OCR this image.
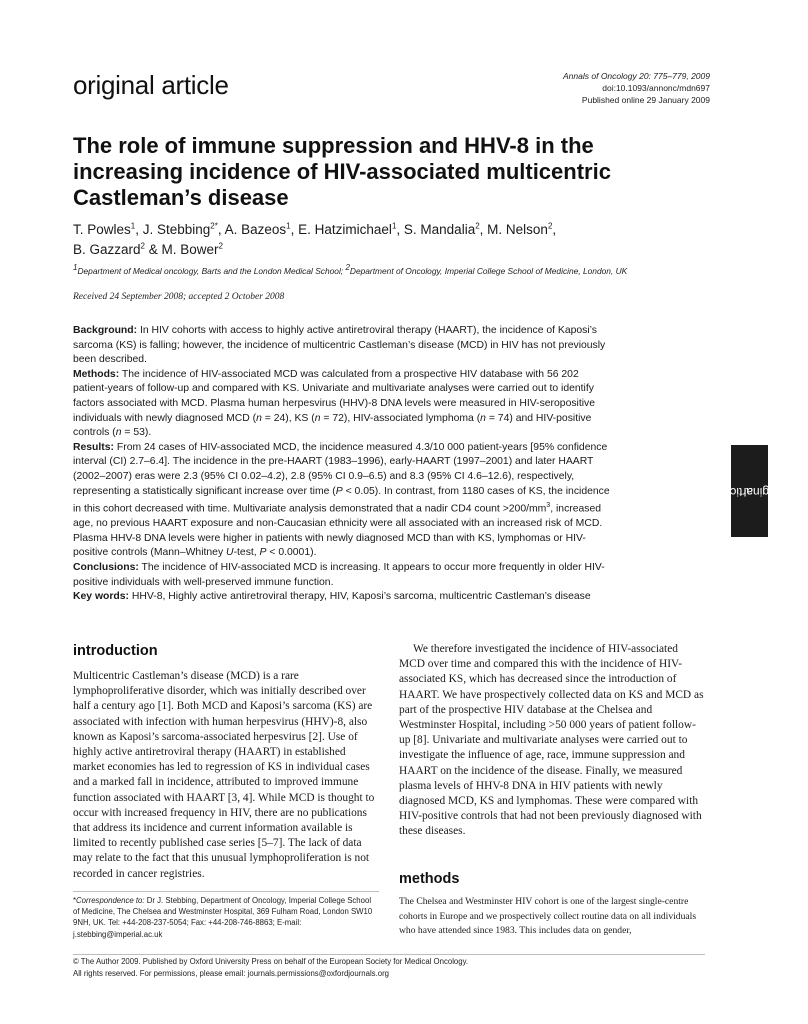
original article	Annals of Oncology 20: 775–779, 2009
doi:10.1093/annonc/mdn697
Published online 29 January 2009
The role of immune suppression and HHV-8 in the increasing incidence of HIV-associated multicentric Castleman’s disease
T. Powles$^1$, J. Stebbing$^{2*}$, A. Bazeos$^1$, E. Hatzimichael$^1$, S. Mandalia$^2$, M. Nelson$^2$,
B. Gazzard$^2$ & M. Bower$^2$
$^1$Department of Medical oncology, Barts and the London Medical School; $^2$Department of Oncology, Imperial College School of Medicine, London, UK
Received 24 September 2008; accepted 2 October 2008

Background: In HIV cohorts with access to highly active antiretroviral therapy (HAART), the incidence of Kaposi’s sarcoma (KS) is falling; however, the incidence of multicentric Castleman’s disease (MCD) in HIV has not previously been described.

Methods: The incidence of HIV-associated MCD was calculated from a prospective HIV database with 56 202 patient-years of follow-up and compared with KS. Univariate and multivariate analyses were carried out to identify factors associated with MCD. Plasma human herpesvirus (HHV)-8 DNA levels were measured in HIV-seropositive individuals with newly diagnosed MCD (n = 24), KS (n = 72), HIV-associated lymphoma (n = 74) and HIV-positive controls (n = 53).

Results: From 24 cases of HIV-associated MCD, the incidence measured 4.3/10 000 patient-years [95% confidence interval (CI) 2.7–6.4]. The incidence in the pre-HAART (1983–1996), early-HAART (1997–2001) and later HAART (2002–2007) eras were 2.3 (95% CI 0.02–4.2), 2.8 (95% CI 0.9–6.5) and 8.3 (95% CI 4.6–12.6), respectively, representing a statistically significant increase over time (P < 0.05). In contrast, from 1180 cases of KS, the incidence in this cohort decreased with time. Multivariate analysis demonstrated that a nadir CD4 count $>200/mm^3$, increased age, no previous HAART exposure and non-Caucasian ethnicity were all associated with an increased risk of MCD. Plasma HHV-8 DNA levels were higher in patients with newly diagnosed MCD than with KS, lymphomas or HIV-positive controls (Mann–Whitney U-test, P < 0.0001).

Conclusions: The incidence of HIV-associated MCD is increasing. It appears to occur more frequently in older HIV-positive individuals with well-preserved immune function.

Key words: HHV-8, Highly active antiretroviral therapy, HIV, Kaposi’s sarcoma, multicentric Castleman’s disease

original

article
introduction

Multicentric Castleman’s disease (MCD) is a rare lymphoproliferative disorder, which was initially described over half a century ago [1]. Both MCD and Kaposi’s sarcoma (KS) are associated with infection with human herpesvirus (HHV)-8, also known as Kaposi’s sarcoma-associated herpesvirus [2]. Use of highly active antiretroviral therapy (HAART) in established market economies has led to regression of KS in individual cases and a marked fall in incidence, attributed to improved immune function associated with HAART [3, 4]. While MCD is thought to occur with increased frequency in HIV, there are no publications that address its incidence and current information available is limited to recently published case series [5–7]. The lack of data may relate to the fact that this unusual lymphoproliferation is not recorded in cancer registries.

We therefore investigated the incidence of HIV-associated MCD over time and compared this with the incidence of HIV-associated KS, which has decreased since the introduction of HAART. We have prospectively collected data on KS and MCD as part of the prospective HIV database at the Chelsea and Westminster Hospital, including >50 000 years of patient follow-up [8]. Univariate and multivariate analyses were carried out to investigate the influence of age, race, immune suppression and HAART on the incidence of the disease. Finally, we measured plasma levels of HHV-8 DNA in HIV patients with newly diagnosed MCD, KS and lymphomas. These were compared with HIV-positive controls that had not been previously diagnosed with these diseases.

methods
The Chelsea and Westminster HIV cohort is one of the largest single-centre cohorts in Europe and we prospectively collect routine data on all individuals who have attended since 1983. This includes data on gender,
*Correspondence to: Dr J. Stebbing, Department of Oncology, Imperial College School of Medicine, The Chelsea and Westminster Hospital, 369 Fulham Road, London SW10 9NH, UK. Tel: +44-208-237-5054; Fax: +44-208-746-8863; E-mail: j.stebbing@imperial.ac.uk
© The Author 2009. Published by Oxford University Press on behalf of the European Society for Medical Oncology.
All rights reserved. For permissions, please email: journals.permissions@oxfordjournals.org
